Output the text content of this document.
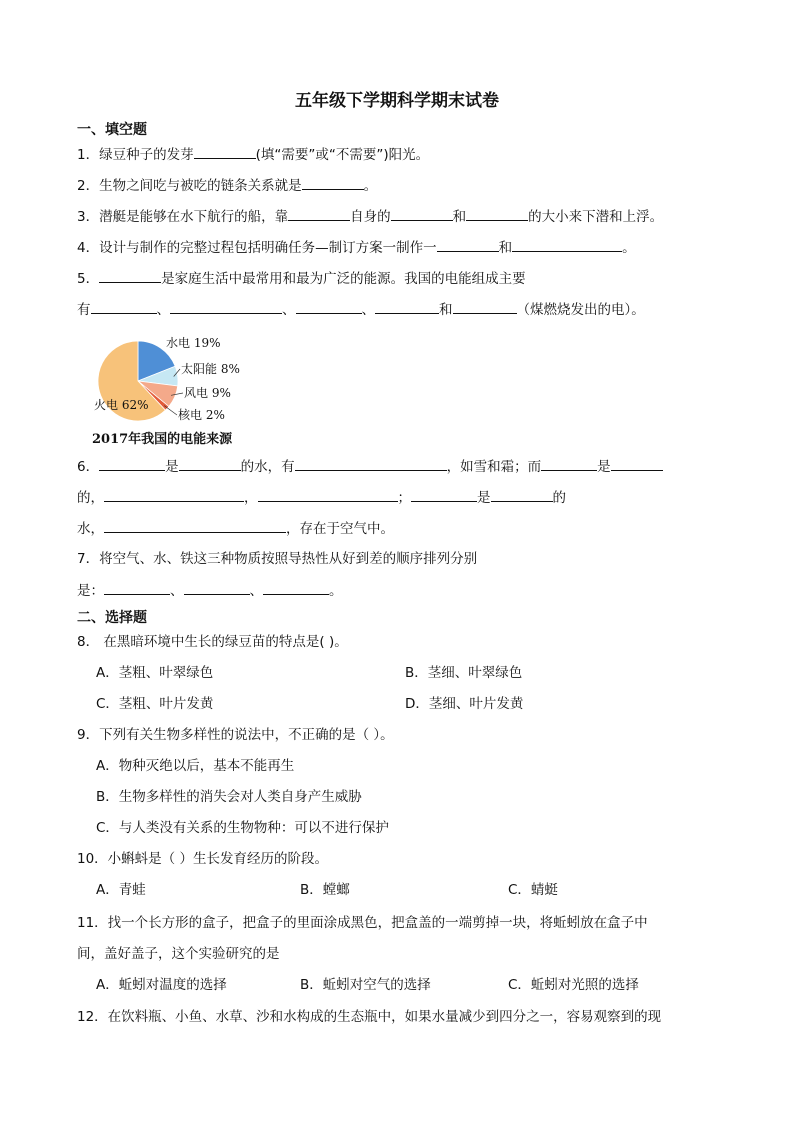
五年级下学期科学期末试卷
一、填空题
1．绿豆种子的发芽	(填“需要”或“不需要”)阳光。
2．生物之间吃与被吃的链条关系就是	。
3．潜艇是能够在水下航行的船，靠	自身的	和	的大小来下潜和上浮。
4．设计与制作的完整过程包括明确任务—制订方案一制作一	和	。
5．	是家庭生活中最常用和最为广泛的能源。我国的电能组成主要
有	、	、	、	和	（煤燃烧发出的电）。
水电 19%
太阳能 8%
风电 9%
核电 2%
火电 62%
2017年我国的电能来源
6．	是	的水，有	，如雪和霜；而	是
的，	，	；	是	的
水，	，存在于空气中。
7．将空气、水、铁这三种物质按照导热性从好到差的顺序排列分别
是：	、	、	。
二、选择题
8． 在黑暗环境中生长的绿豆苗的特点是( )。
A．茎粗、叶翠绿色	B．茎细、叶翠绿色
C．茎粗、叶片发黄	D．茎细、叶片发黄
9．下列有关生物多样性的说法中，不正确的是（ ）。
A．物种灭绝以后，基本不能再生
B．生物多样性的消失会对人类自身产生威胁
C．与人类没有关系的生物物种：可以不进行保护
10．小蝌蚪是（ ）生长发育经历的阶段。
A．青蛙	B．螳螂	C．蜻蜓
11．找一个长方形的盒子，把盒子的里面涂成黑色，把盒盖的一端剪掉一块，将蚯蚓放在盒子中
间，盖好盖子，这个实验研究的是
A．蚯蚓对温度的选择	B．蚯蚓对空气的选择	C．蚯蚓对光照的选择
12．在饮料瓶、小鱼、水草、沙和水构成的生态瓶中，如果水量减少到四分之一，容易观察到的现
